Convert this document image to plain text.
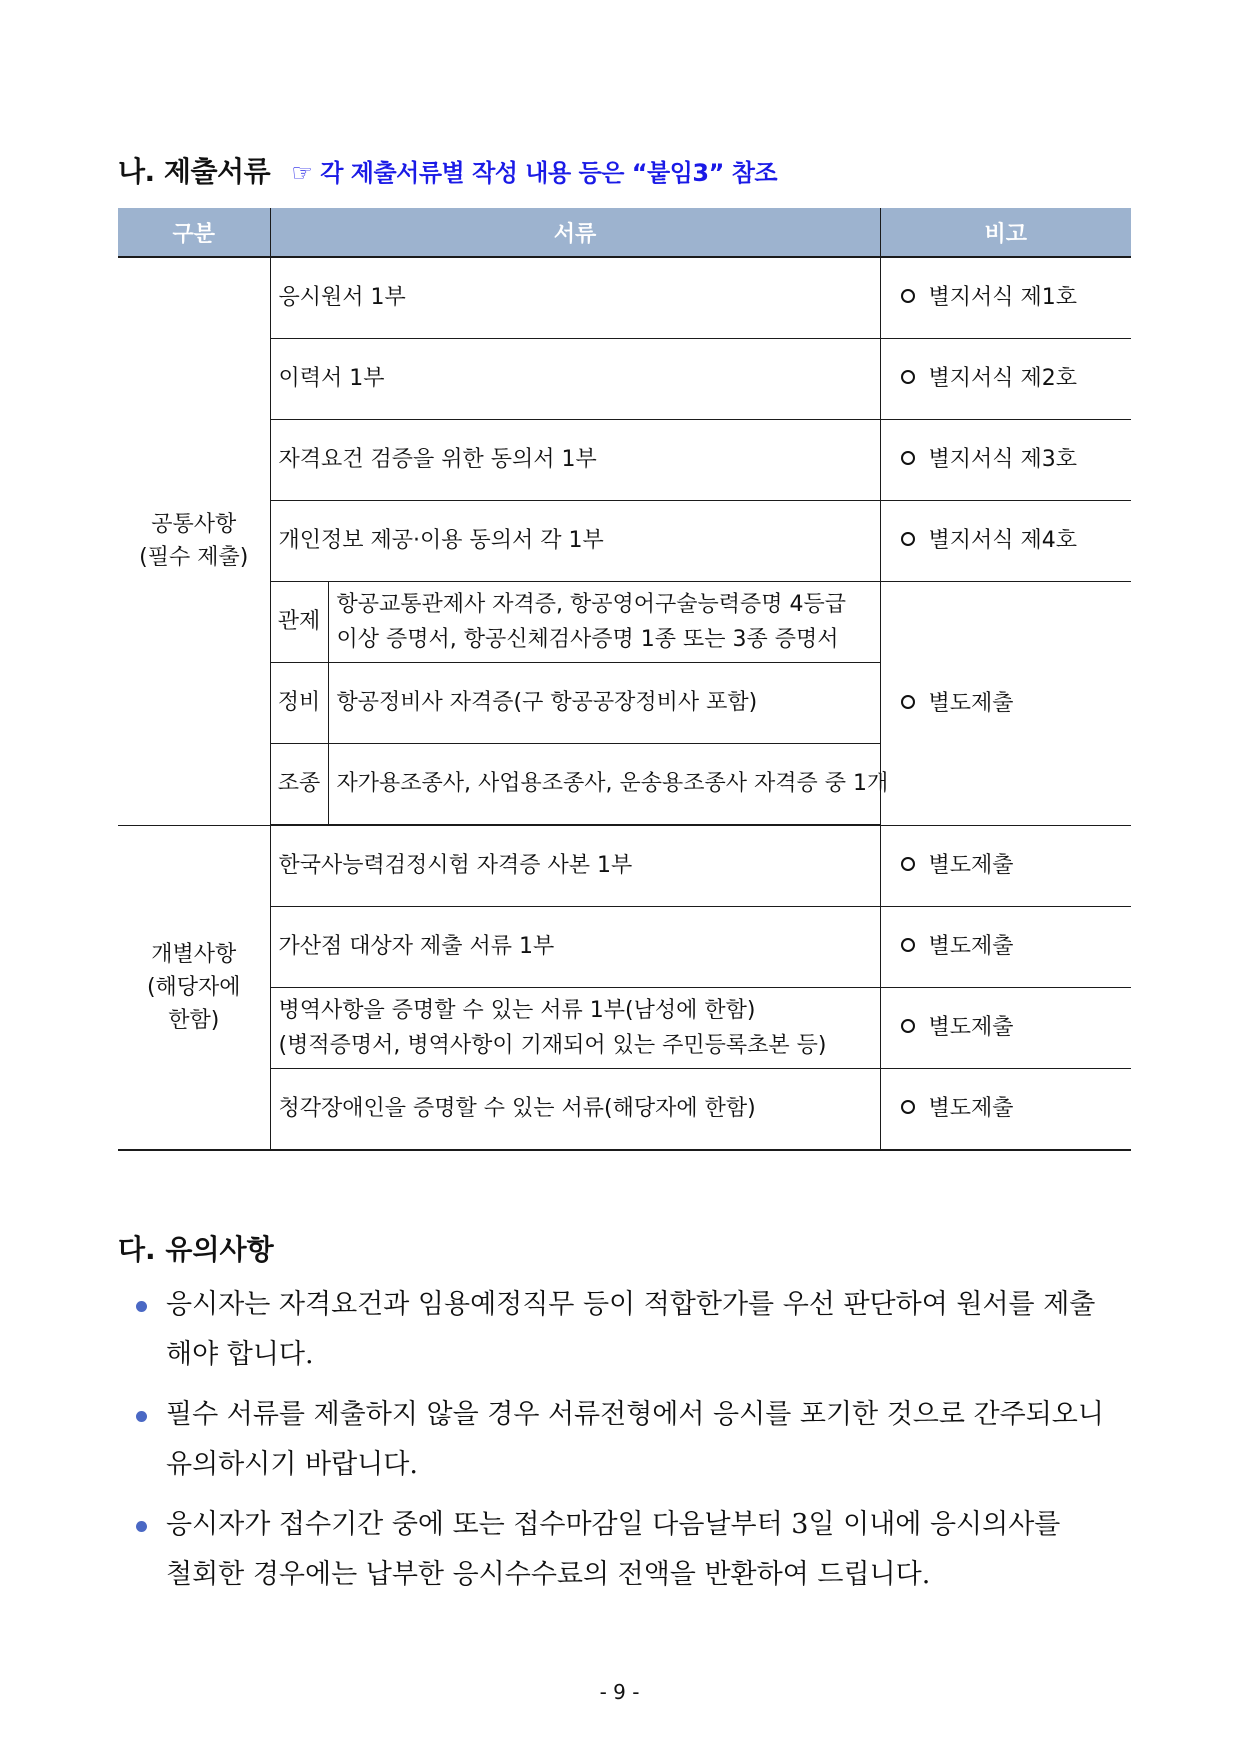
나. 제출서류 ☞ 각 제출서류별 작성 내용 등은 “붙임3” 참조
구분	서류		비고

공통사항
(필수 제출)	응시원서 1부		별지서식 제1호
	이력서 1부		별지서식 제2호
	자격요건 검증을 위한 동의서 1부		별지서식 제3호
	개인정보 제공·이용 동의서 각 1부		별지서식 제4호
	관제	항공교통관제사 자격증, 항공영어구술능력증명 4등급
이상 증명서, 항공신체검사증명 1종 또는 3종 증명서	별도제출
	정비	항공정비사 자격증(구 항공공장정비사 포함)	
	조종	자가용조종사, 사업용조종사, 운송용조종사 자격증 중 1개	

개별사항
(해당자에
한함)	한국사능력검정시험 자격증 사본 1부		별도제출
	가산점 대상자 제출 서류 1부		별도제출

	병역사항을 증명할 수 있는 서류 1부(남성에 한함)
(병적증명서, 병역사항이 기재되어 있는 주민등록초본 등)		별도제출
	청각장애인을 증명할 수 있는 서류(해당자에 한함)		별도제출
다. 유의사항
응시자는 자격요건과 임용예정직무 등이 적합한가를 우선 판단하여 원서를 제출
해야 합니다.
필수 서류를 제출하지 않을 경우 서류전형에서 응시를 포기한 것으로 간주되오니
유의하시기 바랍니다.
응시자가 접수기간 중에 또는 접수마감일 다음날부터 3일 이내에 응시의사를
철회한 경우에는 납부한 응시수수료의 전액을 반환하여 드립니다.
- 9 -
